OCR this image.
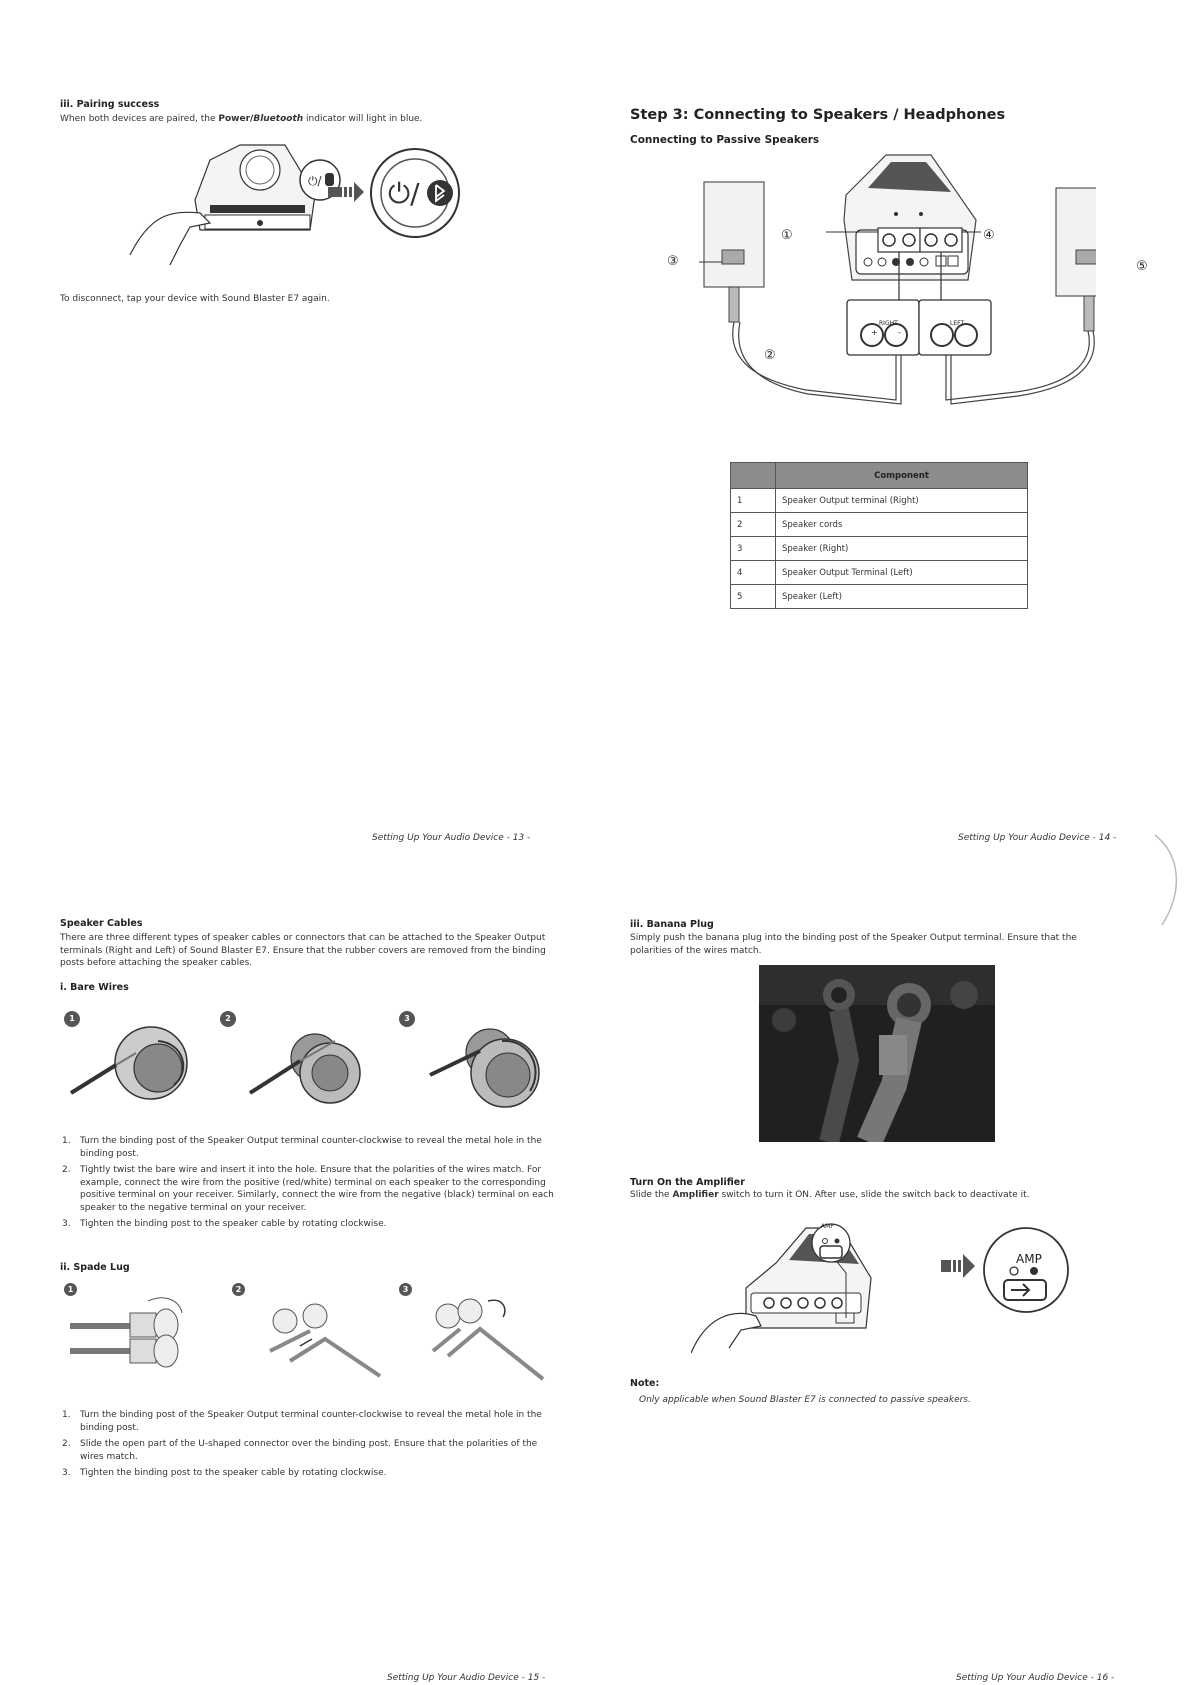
iii. Pairing success
When both devices are paired, the Power/Bluetooth indicator will light in blue.
⏻/ ⏻/
To disconnect, tap your device with Sound Blaster E7 again.
Setting Up Your Audio Device - 13 -
Step 3: Connecting to Speakers / Headphones
Connecting to Passive Speakers
RIGHT	LEFT
+	-
①
②
③
④
⑤
	Component
1	Speaker Output terminal (Right)
2	Speaker cords
3	Speaker (Right)
4	Speaker Output Terminal (Left)
5	Speaker (Left)
Setting Up Your Audio Device - 14 -
Speaker Cables
There are three different types of speaker cables or connectors that can be attached to the Speaker Output terminals (Right and Left) of Sound Blaster E7. Ensure that the rubber covers are removed from the binding posts before attaching the speaker cables.
i. Bare Wires
1	2	3
1. Turn the binding post of the Speaker Output terminal counter-clockwise to reveal the metal hole in the binding post.
2. Tightly twist the bare wire and insert it into the hole. Ensure that the polarities of the wires match. For example, connect the wire from the positive (red/white) terminal on each speaker to the corresponding positive terminal on your receiver. Similarly, connect the wire from the negative (black) terminal on each speaker to the negative terminal on your receiver.
3. Tighten the binding post to the speaker cable by rotating clockwise.
ii. Spade Lug
1	2	3
1. Turn the binding post of the Speaker Output terminal counter-clockwise to reveal the metal hole in the binding post.
2. Slide the open part of the U-shaped connector over the binding post. Ensure that the polarities of the wires match.
3. Tighten the binding post to the speaker cable by rotating clockwise.
Setting Up Your Audio Device - 15 -
iii. Banana Plug
Simply push the banana plug into the binding post of the Speaker Output terminal. Ensure that the polarities of the wires match.
Turn On the Amplifier
Slide the Amplifier switch to turn it ON. After use, slide the switch back to deactivate it.
AMP
AMP
Note:
Only applicable when Sound Blaster E7 is connected to passive speakers.
Setting Up Your Audio Device - 16 -
